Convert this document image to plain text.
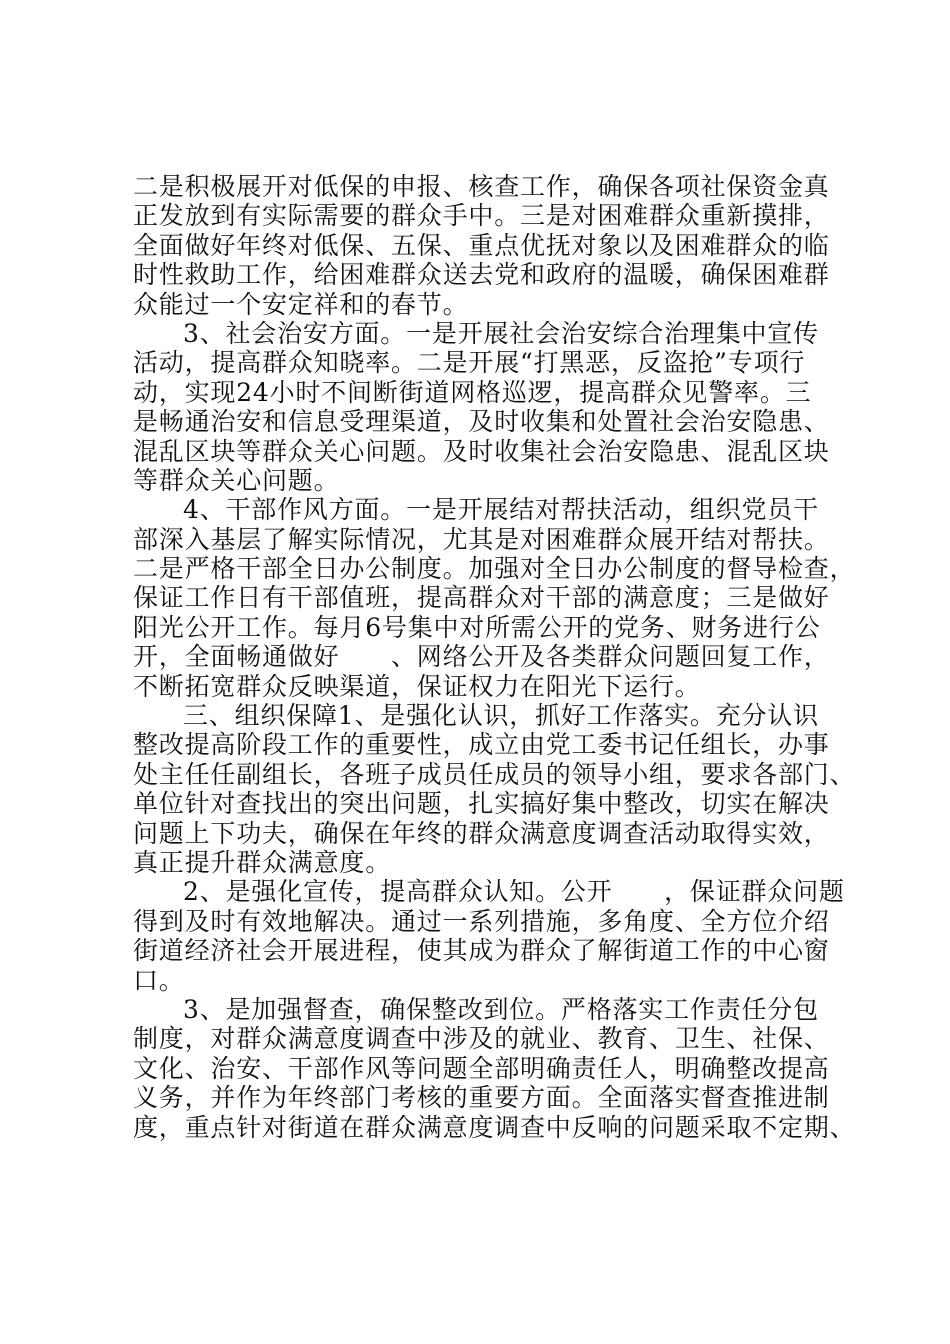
二是积极展开对低保的申报、核查工作，确保各项社保资金真
正发放到有实际需要的群众手中。三是对困难群众重新摸排，
全面做好年终对低保、五保、重点优抚对象以及困难群众的临
时性救助工作，给困难群众送去党和政府的温暖，确保困难群
众能过一个安定祥和的春节。
3、社会治安方面。一是开展社会治安综合治理集中宣传
活动，提高群众知晓率。二是开展“打黑恶，反盗抢”专项行
动，实现24小时不间断街道网格巡逻，提高群众见警率。三
是畅通治安和信息受理渠道，及时收集和处置社会治安隐患、
混乱区块等群众关心问题。及时收集社会治安隐患、混乱区块
等群众关心问题。
4、干部作风方面。一是开展结对帮扶活动，组织党员干
部深入基层了解实际情况，尤其是对困难群众展开结对帮扶。
二是严格干部全日办公制度。加强对全日办公制度的督导检查，
保证工作日有干部值班，提高群众对干部的满意度；三是做好
阳光公开工作。每月6号集中对所需公开的党务、财务进行公
开，全面畅通做好　　、网络公开及各类群众问题回复工作，
不断拓宽群众反映渠道，保证权力在阳光下运行。
三、组织保障1、是强化认识，抓好工作落实。充分认识
整改提高阶段工作的重要性，成立由党工委书记任组长，办事
处主任任副组长，各班子成员任成员的领导小组，要求各部门、
单位针对查找出的突出问题，扎实搞好集中整改，切实在解决
问题上下功夫，确保在年终的群众满意度调查活动取得实效，
真正提升群众满意度。
2、是强化宣传，提高群众认知。公开　　，保证群众问题
得到及时有效地解决。通过一系列措施，多角度、全方位介绍
街道经济社会开展进程，使其成为群众了解街道工作的中心窗
口。
3、是加强督查，确保整改到位。严格落实工作责任分包
制度，对群众满意度调查中涉及的就业、教育、卫生、社保、
文化、治安、干部作风等问题全部明确责任人，明确整改提高
义务，并作为年终部门考核的重要方面。全面落实督查推进制
度，重点针对街道在群众满意度调查中反响的问题采取不定期、
